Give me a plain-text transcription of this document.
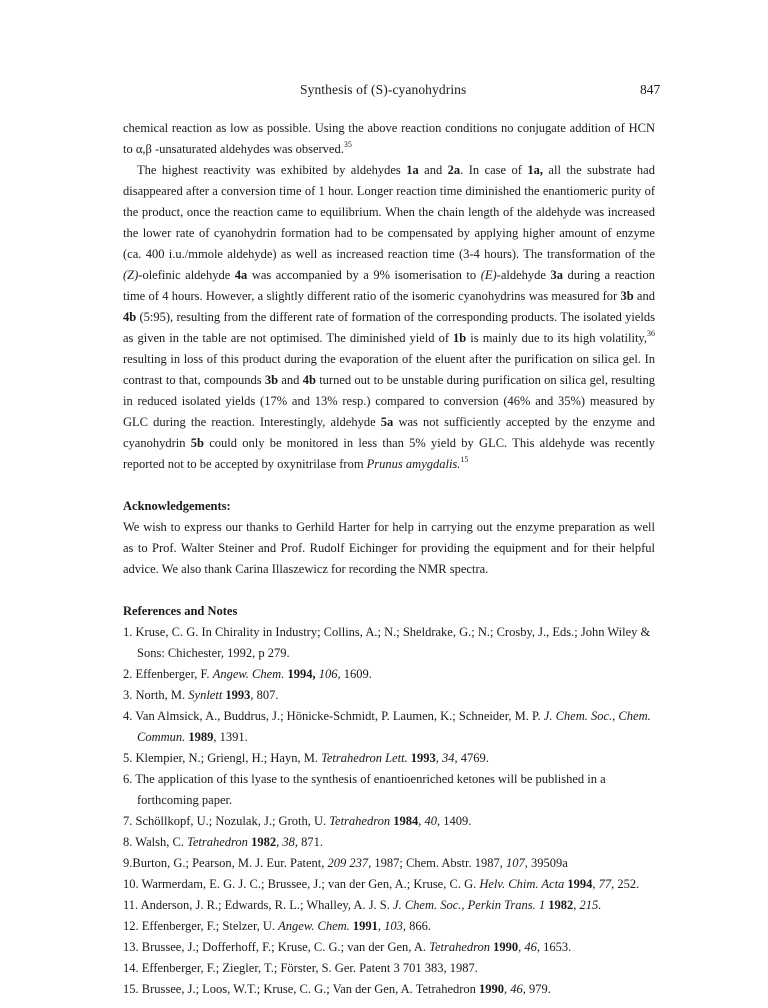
Synthesis of (S)-cyanohydrins	847

chemical reaction as low as possible. Using the above reaction conditions no conjugate addition of HCN to α,β -unsaturated aldehydes was observed.$^{35}$

The highest reactivity was exhibited by aldehydes 1a and 2a. In case of 1a, all the substrate had disappeared after a conversion time of 1 hour. Longer reaction time diminished the enantiomeric purity of the product, once the reaction came to equilibrium. When the chain length of the aldehyde was increased the lower rate of cyanohydrin formation had to be compensated by applying higher amount of enzyme (ca. 400 i.u./mmole aldehyde) as well as increased reaction time (3-4 hours). The transformation of the (Z)-olefinic aldehyde 4a was accompanied by a 9% isomerisation to (E)-aldehyde 3a during a reaction time of 4 hours. However, a slightly different ratio of the isomeric cyanohydrins was measured for 3b and 4b (5:95), resulting from the different rate of formation of the corresponding products. The isolated yields as given in the table are not optimised. The diminished yield of 1b is mainly due to its high volatility,$^{36}$ resulting in loss of this product during the evaporation of the eluent after the purification on silica gel. In contrast to that, compounds 3b and 4b turned out to be unstable during purification on silica gel, resulting in reduced isolated yields (17% and 13% resp.) compared to conversion (46% and 35%) measured by GLC during the reaction. Interestingly, aldehyde 5a was not sufficiently accepted by the enzyme and cyanohydrin 5b could only be monitored in less than 5% yield by GLC. This aldehyde was recently reported not to be accepted by oxynitrilase from Prunus amygdalis.$^{15}$

Acknowledgements:

We wish to express our thanks to Gerhild Harter for help in carrying out the enzyme preparation as well as to Prof. Walter Steiner and Prof. Rudolf Eichinger for providing the equipment and for their helpful advice. We also thank Carina Illaszewicz for recording the NMR spectra.

References and Notes
1. Kruse, C. G. In Chirality in Industry; Collins, A.; N.; Sheldrake, G.; N.; Crosby, J., Eds.; John Wiley & Sons: Chichester, 1992, p 279.
2. Effenberger, F. Angew. Chem. 1994, 106, 1609.
3. North, M. Synlett 1993, 807.
4. Van Almsick, A., Buddrus, J.; Hönicke-Schmidt, P. Laumen, K.; Schneider, M. P. J. Chem. Soc., Chem. Commun. 1989, 1391.
5. Klempier, N.; Griengl, H.; Hayn, M. Tetrahedron Lett. 1993, 34, 4769.
6. The application of this lyase to the synthesis of enantioenriched ketones will be published in a forthcoming paper.
7. Schöllkopf, U.; Nozulak, J.; Groth, U. Tetrahedron 1984, 40, 1409.
8. Walsh, C. Tetrahedron 1982, 38, 871.
9.Burton, G.; Pearson, M. J. Eur. Patent, 209 237, 1987; Chem. Abstr. 1987, 107, 39509a
10. Warmerdam, E. G. J. C.; Brussee, J.; van der Gen, A.; Kruse, C. G. Helv. Chim. Acta 1994, 77, 252.
11. Anderson, J. R.; Edwards, R. L.; Whalley, A. J. S. J. Chem. Soc., Perkin Trans. 1 1982, 215.
12. Effenberger, F.; Stelzer, U. Angew. Chem. 1991, 103, 866.
13. Brussee, J.; Dofferhoff, F.; Kruse, C. G.; van der Gen, A. Tetrahedron 1990, 46, 1653.
14. Effenberger, F.; Ziegler, T.; Förster, S. Ger. Patent 3 701 383, 1987.
15. Brussee, J.; Loos, W.T.; Kruse, C. G.; Van der Gen, A. Tetrahedron 1990, 46, 979.
